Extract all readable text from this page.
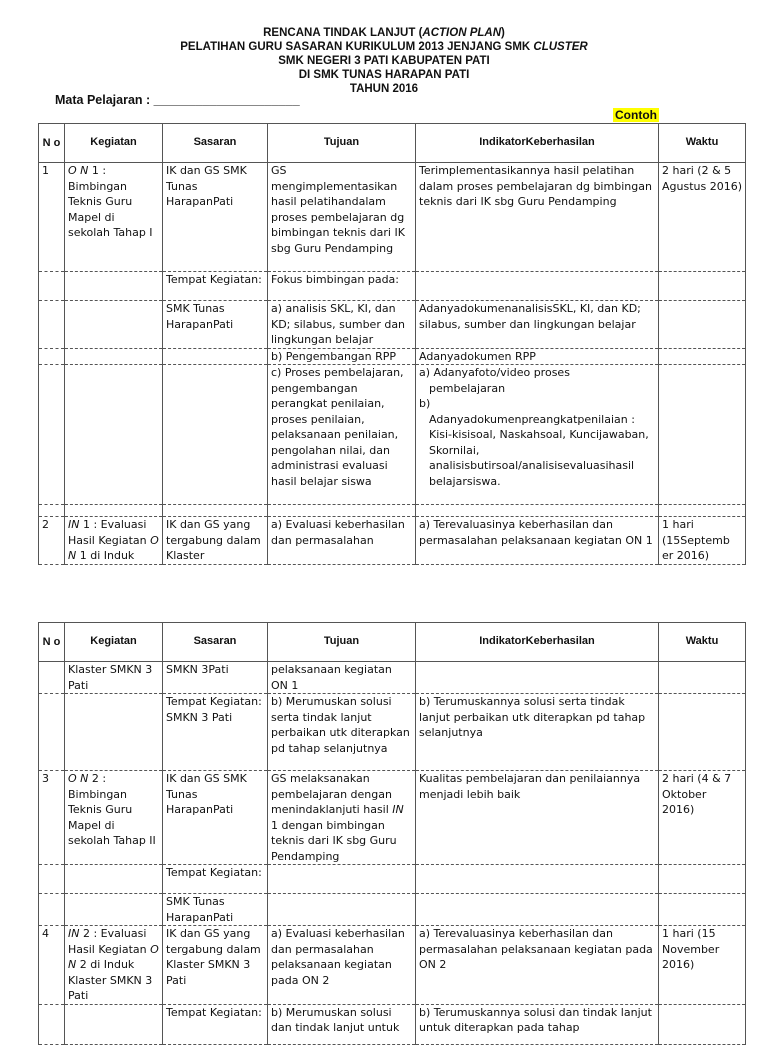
RENCANA TINDAK LANJUT (ACTION PLAN)
PELATIHAN GURU SASARAN KURIKULUM 2013 JENJANG SMK CLUSTER
SMK NEGERI 3 PATI KABUPATEN PATI
DI SMK TUNAS HARAPAN PATI
TAHUN 2016
Mata Pelajaran : _____________________
Contoh
N o	Kegiatan	Sasaran	Tujuan	IndikatorKeberhasilan	Waktu
1	O N 1 : Bimbingan Teknis Guru Mapel di sekolah Tahap I	IK dan GS SMK Tunas HarapanPati	GS mengimplementasikan hasil pelatihandalam proses pembelajaran dg bimbingan teknis dari IK sbg Guru Pendamping	Terimplementasikannya hasil pelatihan dalam proses pembelajaran dg bimbingan teknis dari IK sbg Guru Pendamping	2 hari (2 & 5 Agustus 2016)
		Tempat Kegiatan:	Fokus bimbingan pada:		
		SMK Tunas HarapanPati	a) analisis SKL, KI, dan KD; silabus, sumber dan lingkungan belajar	AdanyadokumenanalisisSKL, KI, dan KD; silabus, sumber dan lingkungan belajar	
			b) Pengembangan RPP	Adanyadokumen RPP	
			c) Proses pembelajaran, pengembangan perangkat penilaian, proses penilaian, pelaksanaan penilaian, pengolahan nilai, dan administrasi evaluasi hasil belajar siswa	a) Adanyafoto/video proses
pembelajaran
b)
Adanyadokumenpreangkatpenilaian : Kisi-kisisoal, Naskahsoal, Kuncijawaban, Skornilai, analisisbutirsoal/analisisevaluasihasil belajarsiswa.	

2	IN 1 : Evaluasi Hasil Kegiatan O N 1 di Induk	IK dan GS yang tergabung dalam Klaster	a) Evaluasi keberhasilan dan permasalahan	a) Terevaluasinya keberhasilan dan permasalahan pelaksanaan kegiatan ON 1	1 hari (15Septemb er 2016)
N o	Kegiatan	Sasaran	Tujuan	IndikatorKeberhasilan	Waktu
	Klaster SMKN 3 Pati	SMKN 3Pati	pelaksanaan kegiatan ON 1		
		Tempat Kegiatan: SMKN 3 Pati	b) Merumuskan solusi serta tindak lanjut perbaikan utk diterapkan pd tahap selanjutnya	b) Terumuskannya solusi serta tindak lanjut perbaikan utk diterapkan pd tahap selanjutnya	
3	O N 2 : Bimbingan Teknis Guru Mapel di sekolah Tahap II	IK dan GS SMK Tunas HarapanPati	GS melaksanakan pembelajaran dengan menindaklanjuti hasil IN 1 dengan bimbingan teknis dari IK sbg Guru Pendamping	Kualitas pembelajaran dan penilaiannya menjadi lebih baik	2 hari (4 & 7 Oktober 2016)
		Tempat Kegiatan:			
		SMK Tunas HarapanPati			
4	IN 2 : Evaluasi Hasil Kegiatan O N 2 di Induk Klaster SMKN 3 Pati	IK dan GS yang tergabung dalam Klaster SMKN 3 Pati	a) Evaluasi keberhasilan dan permasalahan pelaksanaan kegiatan pada ON 2	a) Terevaluasinya keberhasilan dan permasalahan pelaksanaan kegiatan pada ON 2	1 hari (15 November 2016)
		Tempat Kegiatan:	b) Merumuskan solusi dan tindak lanjut untuk	b) Terumuskannya solusi dan tindak lanjut untuk diterapkan pada tahap	
